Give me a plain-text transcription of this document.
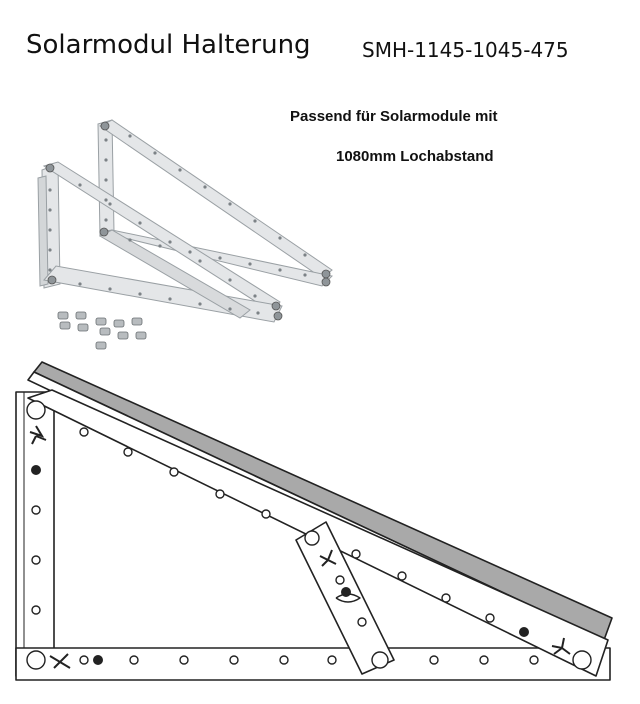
Solarmodul Halterung	SMH-1145-1045-475
Passend für Solarmodule mit
1080mm Lochabstand
